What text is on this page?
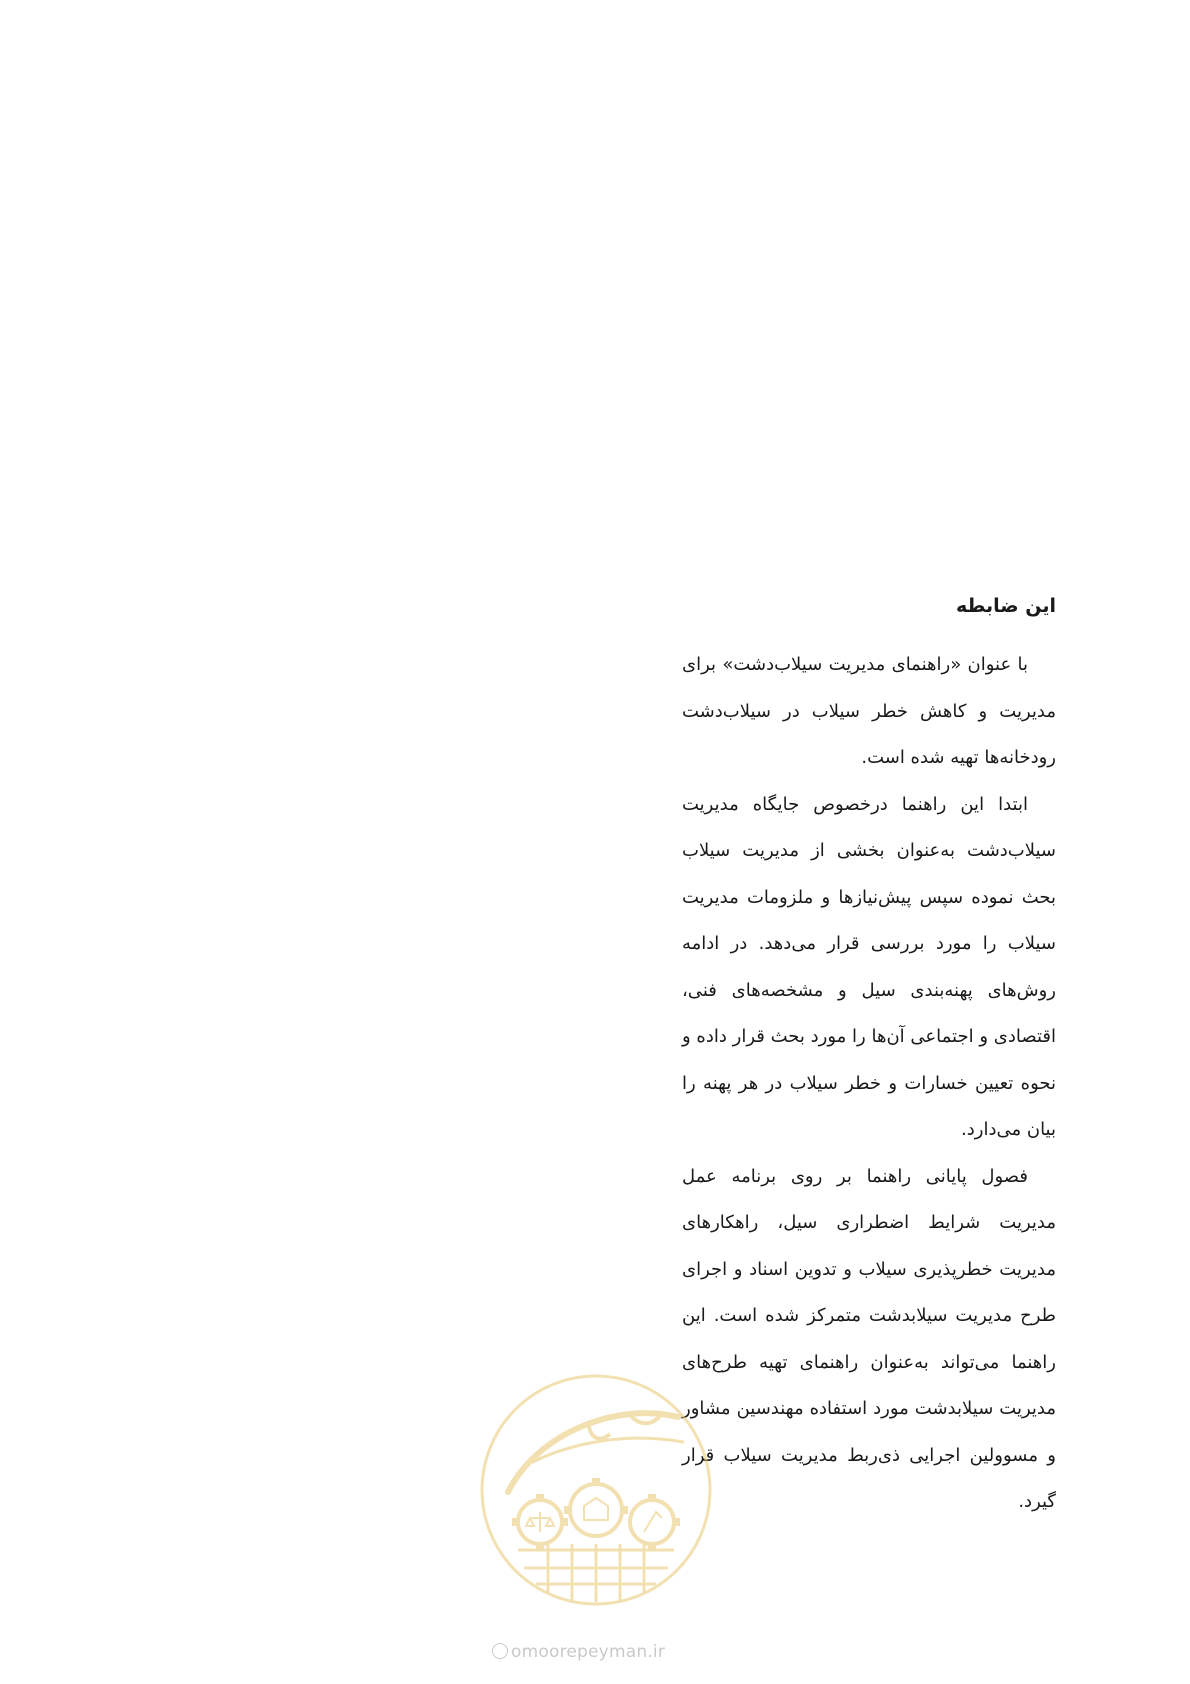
این ضابطه

با عنوان «راهنمای مدیریت سیلاب‌دشت» برای مدیریت و کاهش خطر سیلاب در سیلاب‌دشت رودخانه‌ها تهیه شده است.

ابتدا این راهنما درخصوص جایگاه مدیریت سیلاب‌دشت به‌عنوان بخشی از مدیریت سیلاب بحث نموده سپس پیش‌نیازها و ملزومات مدیریت سیلاب را مورد بررسی قرار می‌دهد. در ادامه روش‌های پهنه‌بندی سیل و مشخصه‌های فنی، اقتصادی و اجتماعی آن‌ها را مورد بحث قرار داده و نحوه تعیین خسارات و خطر سیلاب در هر پهنه را بیان می‌دارد.

فصول پایانی راهنما بر روی برنامه عمل مدیریت شرایط اضطراری سیل، راهکارهای مدیریت خطرپذیری سیلاب و تدوین اسناد و اجرای طرح مدیریت سیلابدشت متمرکز شده است. این راهنما می‌تواند به‌عنوان راهنمای تهیه طرح‌های مدیریت سیلابدشت مورد استفاده مهندسین مشاور و مسوولین اجرایی ذی‌ربط مدیریت سیلاب قرار گیرد.

omoorepeyman.ir
